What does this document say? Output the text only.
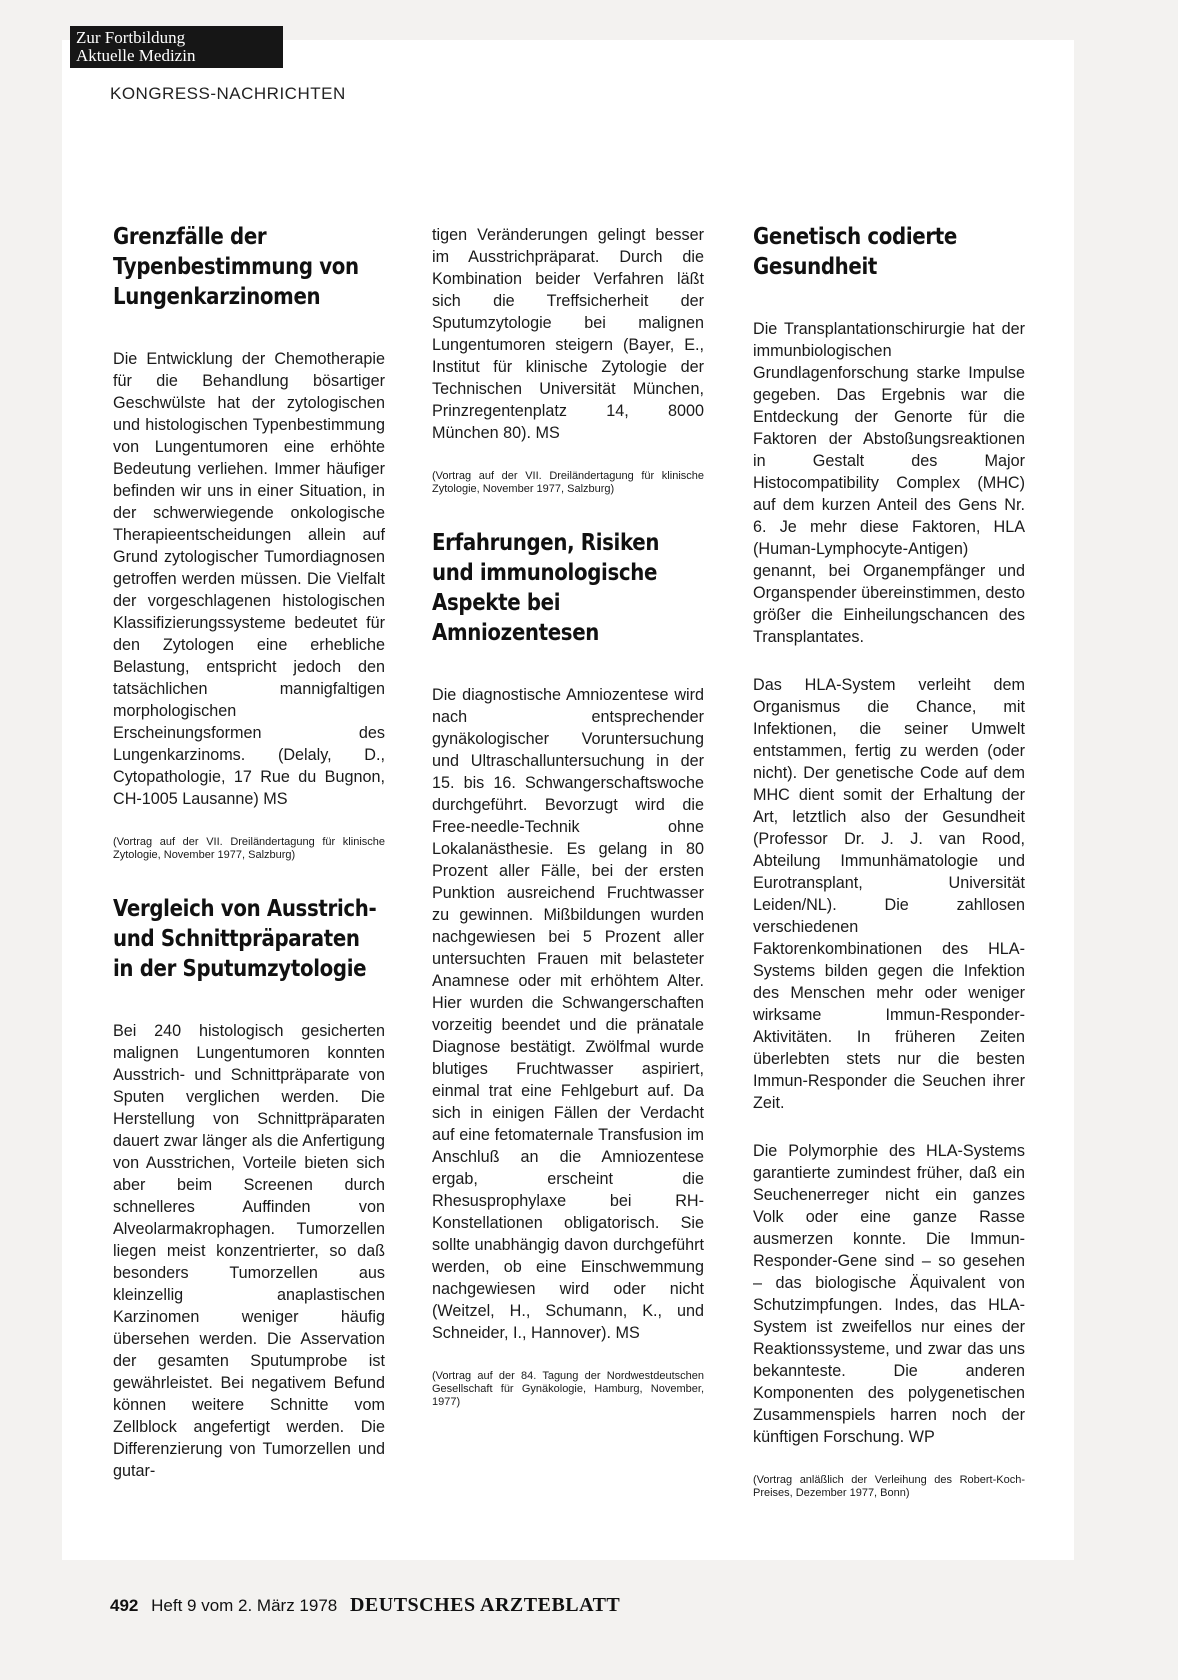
Zur Fortbildung
Aktuelle Medizin
KONGRESS-NACHRICHTEN
Grenzfälle der Typenbestimmung von Lungenkarzinomen

Die Entwicklung der Chemotherapie für die Behandlung bösartiger Geschwülste hat der zytologischen und histologischen Typenbestimmung von Lungentumoren eine erhöhte Bedeutung verliehen. Immer häufiger befinden wir uns in einer Situation, in der schwerwiegende onkologische Therapieentscheidungen allein auf Grund zytologischer Tumordiagnosen getroffen werden müssen. Die Vielfalt der vorgeschlagenen histologischen Klassifizierungssysteme bedeutet für den Zytologen eine erhebliche Belastung, entspricht jedoch den tatsächlichen mannigfaltigen morphologischen Erscheinungsformen des Lungenkarzinoms. (Delaly, D., Cytopathologie, 17 Rue du Bugnon, CH-1005 Lausanne) MS

(Vortrag auf der VII. Dreiländertagung für klinische Zytologie, November 1977, Salzburg)

Vergleich von Ausstrich- und Schnittpräparaten in der Sputumzytologie

Bei 240 histologisch gesicherten malignen Lungentumoren konnten Ausstrich- und Schnittpräparate von Sputen verglichen werden. Die Herstellung von Schnittpräparaten dauert zwar länger als die Anfertigung von Ausstrichen, Vorteile bieten sich aber beim Screenen durch schnelleres Auffinden von Alveolarmakrophagen. Tumorzellen liegen meist konzentrierter, so daß besonders Tumorzellen aus kleinzellig anaplastischen Karzinomen weniger häufig übersehen werden. Die Asservation der gesamten Sputumprobe ist gewährleistet. Bei negativem Befund können weitere Schnitte vom Zellblock angefertigt werden. Die Differenzierung von Tumorzellen und gutar-

tigen Veränderungen gelingt besser im Ausstrichpräparat. Durch die Kombination beider Verfahren läßt sich die Treffsicherheit der Sputumzytologie bei malignen Lungentumoren steigern (Bayer, E., Institut für klinische Zytologie der Technischen Universität München, Prinzregentenplatz 14, 8000 München 80). MS

(Vortrag auf der VII. Dreiländertagung für klinische Zytologie, November 1977, Salzburg)

Erfahrungen, Risiken und immunologische Aspekte bei Amniozentesen

Die diagnostische Amniozentese wird nach entsprechender gynäkologischer Voruntersuchung und Ultraschalluntersuchung in der 15. bis 16. Schwangerschaftswoche durchgeführt. Bevorzugt wird die Free-needle-Technik ohne Lokalanästhesie. Es gelang in 80 Prozent aller Fälle, bei der ersten Punktion ausreichend Fruchtwasser zu gewinnen. Mißbildungen wurden nachgewiesen bei 5 Prozent aller untersuchten Frauen mit belasteter Anamnese oder mit erhöhtem Alter. Hier wurden die Schwangerschaften vorzeitig beendet und die pränatale Diagnose bestätigt. Zwölfmal wurde blutiges Fruchtwasser aspiriert, einmal trat eine Fehlgeburt auf. Da sich in einigen Fällen der Verdacht auf eine fetomaternale Transfusion im Anschluß an die Amniozentese ergab, erscheint die Rhesusprophylaxe bei RH-Konstellationen obligatorisch. Sie sollte unabhängig davon durchgeführt werden, ob eine Einschwemmung nachgewiesen wird oder nicht (Weitzel, H., Schumann, K., und Schneider, I., Hannover). MS

(Vortrag auf der 84. Tagung der Nordwestdeutschen Gesellschaft für Gynäkologie, Hamburg, November, 1977)

Genetisch codierte Gesundheit

Die Transplantationschirurgie hat der immunbiologischen Grundlagenforschung starke Impulse gegeben. Das Ergebnis war die Entdeckung der Genorte für die Faktoren der Abstoßungsreaktionen in Gestalt des Major Histocompatibility Complex (MHC) auf dem kurzen Anteil des Gens Nr. 6. Je mehr diese Faktoren, HLA (Human-Lymphocyte-Antigen) genannt, bei Organempfänger und Organspender übereinstimmen, desto größer die Einheilungschancen des Transplantates.

Das HLA-System verleiht dem Organismus die Chance, mit Infektionen, die seiner Umwelt entstammen, fertig zu werden (oder nicht). Der genetische Code auf dem MHC dient somit der Erhaltung der Art, letztlich also der Gesundheit (Professor Dr. J. J. van Rood, Abteilung Immunhämatologie und Eurotransplant, Universität Leiden/NL). Die zahllosen verschiedenen Faktorenkombinationen des HLA-Systems bilden gegen die Infektion des Menschen mehr oder weniger wirksame Immun-Responder-Aktivitäten. In früheren Zeiten überlebten stets nur die besten Immun-Responder die Seuchen ihrer Zeit.

Die Polymorphie des HLA-Systems garantierte zumindest früher, daß ein Seuchenerreger nicht ein ganzes Volk oder eine ganze Rasse ausmerzen konnte. Die Immun-Responder-Gene sind – so gesehen – das biologische Äquivalent von Schutzimpfungen. Indes, das HLA-System ist zweifellos nur eines der Reaktionssysteme, und zwar das uns bekannteste. Die anderen Komponenten des polygenetischen Zusammenspiels harren noch der künftigen Forschung. WP

(Vortrag anläßlich der Verleihung des Robert-Koch-Preises, Dezember 1977, Bonn)

492 Heft 9 vom 2. März 1978 DEUTSCHES ARZTEBLATT
